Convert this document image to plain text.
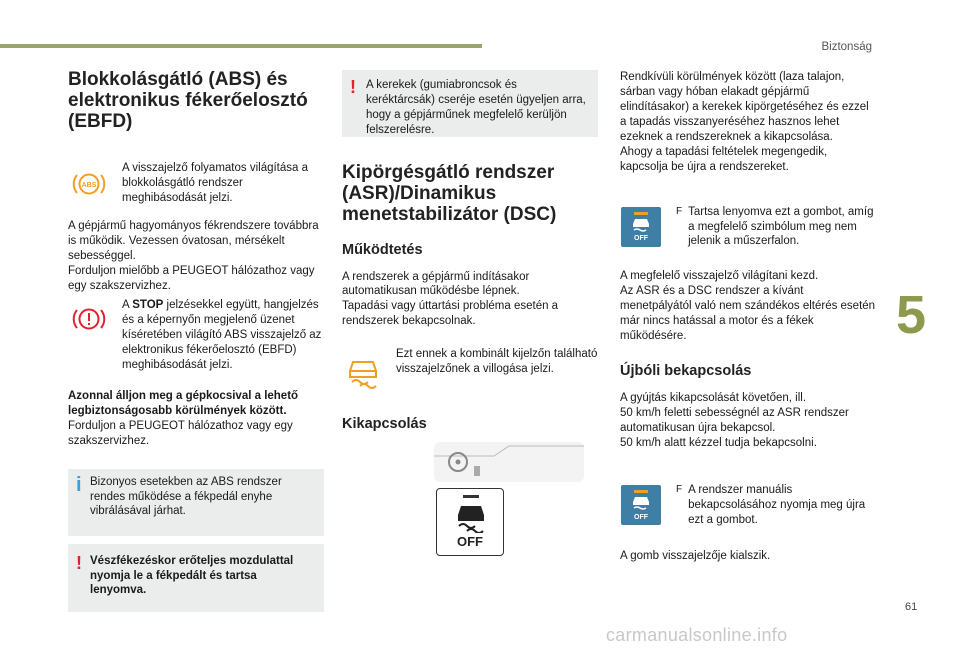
Biztonság
5
61
carmanualsonline.info
Blokkolásgátló (ABS) és elektronikus fékerőelosztó (EBFD)
ABS
A visszajelző folyamatos világítása a blokkolásgátló rendszer meghibásodását jelzi.
A gépjármű hagyományos fékrendszere továbbra is működik. Vezessen óvatosan, mérsékelt sebességgel.
Forduljon mielőbb a PEUGEOT hálózathoz vagy egy szakszervizhez.
A STOP jelzésekkel együtt, hangjelzés és a képernyőn megjelenő üzenet kíséretében világító ABS visszajelző az elektronikus fékerőelosztó (EBFD) meghibásodását jelzi.
Azonnal álljon meg a gépkocsival a lehető legbiztonságosabb körülmények között.
Forduljon a PEUGEOT hálózathoz vagy egy szakszervizhez.
i Bizonyos esetekben az ABS rendszer rendes működése a fékpedál enyhe vibrálásával járhat.
! Vészfékezéskor erőteljes mozdulattal nyomja le a fékpedált és tartsa lenyomva.
! A kerekek (gumiabroncsok és keréktárcsák) cseréje esetén ügyeljen arra, hogy a gépjárműnek megfelelő kerüljön felszerelésre.
Kipörgésgátló rendszer (ASR)/Dinamikus menetstabilizátor (DSC)
Működtetés
A rendszerek a gépjármű indításakor automatikusan működésbe lépnek.
Tapadási vagy úttartási probléma esetén a rendszerek bekapcsolnak.
Ezt ennek a kombinált kijelzőn található visszajelzőnek a villogása jelzi.
Kikapcsolás
OFF
Rendkívüli körülmények között (laza talajon, sárban vagy hóban elakadt gépjármű elindításakor) a kerekek kipörgetéséhez és ezzel a tapadás visszanyeréséhez hasznos lehet ezeknek a rendszereknek a kikapcsolása.
Ahogy a tapadási feltételek megengedik, kapcsolja be újra a rendszereket.
OFF
F Tartsa lenyomva ezt a gombot, amíg a megfelelő szimbólum meg nem jelenik a műszerfalon.
A megfelelő visszajelző világítani kezd.
Az ASR és a DSC rendszer a kívánt menetpályától való nem szándékos eltérés esetén már nincs hatással a motor és a fékek működésére.
Újbóli bekapcsolás
A gyújtás kikapcsolását követően, ill.
50 km/h feletti sebességnél az ASR rendszer automatikusan újra bekapcsol.
50 km/h alatt kézzel tudja bekapcsolni.
OFF
F A rendszer manuális bekapcsolásához nyomja meg újra ezt a gombot.
A gomb visszajelzője kialszik.
